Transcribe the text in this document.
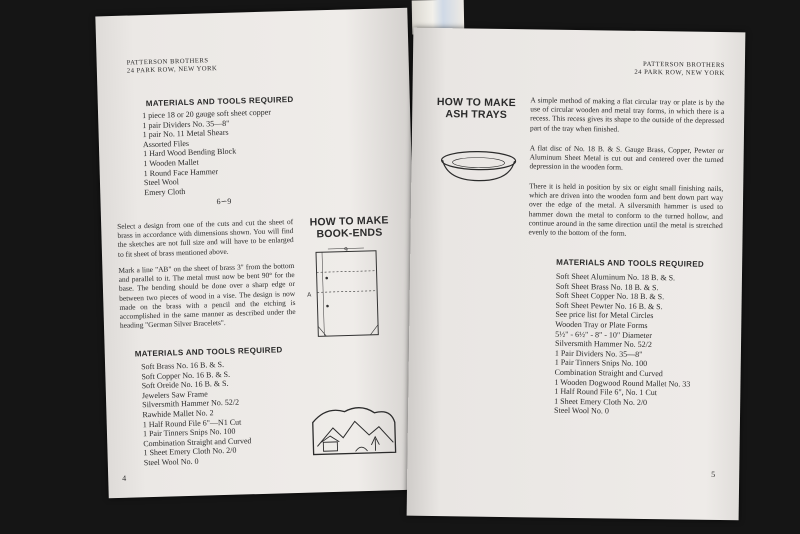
PATTERSON BROTHERS
24 PARK ROW, NEW YORK
MATERIALS AND TOOLS REQUIRED
1 piece 18 or 20 gauge soft sheet copper
1 pair Dividers No. 35—8"
1 pair No. 11 Metal Shears
Assorted Files
1 Hard Wood Bending Block
1 Wooden Mallet
1 Round Face Hammer
Steel Wool
Emery Cloth
6∽9
Select a design from one of the cuts and cut the sheet of brass in accordance with dimensions shown. You will find the sketches are not full size and will have to be enlarged to fit sheet of brass mentioned above.
Mark a line "AB" on the sheet of brass 3" from the bottom and parallel to it. The metal must now be bent 90° for the base. The bending should be done over a sharp edge or between two pieces of wood in a vise. The design is now made on the brass with a pencil and the etching is accomplished in the same manner as described under the heading "German Silver Bracelets".
HOW TO MAKE
BOOK-ENDS
9
A
MATERIALS AND TOOLS REQUIRED
Soft Brass No. 16 B. & S.
Soft Copper No. 16 B. & S.
Soft Oreide No. 16 B. & S.
Jewelers Saw Frame
Silversmith Hammer No. 52/2
Rawhide Mallet No. 2
1 Half Round File 6"—N1 Cut
1 Pair Tinners Snips No. 100
Combination Straight and Curved
1 Sheet Emery Cloth No. 2/0
Steel Wool No. 0
4
PATTERSON BROTHERS
24 PARK ROW, NEW YORK
HOW TO MAKE
ASH TRAYS
A simple method of making a flat circular tray or plate is by the use of circular wooden and metal tray forms, in which there is a recess. This recess gives its shape to the outside of the depressed part of the tray when finished.
A flat disc of No. 18 B. & S. Gauge Brass, Copper, Pewter or Aluminum Sheet Metal is cut out and centered over the turned depression in the wooden form.
There it is held in position by six or eight small finishing nails, which are driven into the wooden form and bent down part way over the edge of the metal. A silversmith hammer is used to hammer down the metal to conform to the turned hollow, and continue around in the same direction until the metal is stretched evenly to the bottom of the form.
MATERIALS AND TOOLS REQUIRED
Soft Sheet Aluminum No. 18 B. & S.
Soft Sheet Brass No. 18 B. & S.
Soft Sheet Copper No. 18 B. & S.
Soft Sheet Pewter No. 16 B. & S.
See price list for Metal Circles
Wooden Tray or Plate Forms
5½" - 6½" - 8" - 10" Diameter
Silversmith Hammer No. 52/2
1 Pair Dividers No. 35—8"
1 Pair Tinners Snips No. 100
Combination Straight and Curved
1 Wooden Dogwood Round Mallet No. 33
1 Half Round File 6", No. 1 Cut
1 Sheet Emery Cloth No. 2/0
Steel Wool No. 0
5
